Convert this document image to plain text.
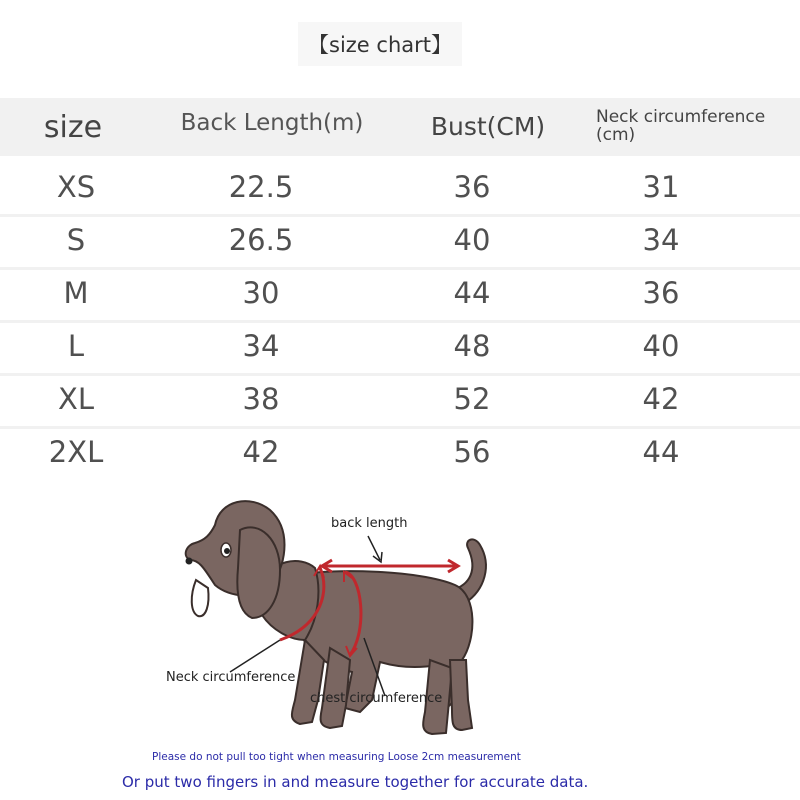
【size chart】
size	Back Length(m)	Bust(CM)	Neck circumference (cm)
XS	22.5	36	31
S	26.5	40	34
M	30	44	36
L	34	48	40
XL	38	52	42
2XL	42	56	44
back length
Neck circumference
chest circumference
Please do not pull too tight when measuring Loose 2cm measurement
Or put two fingers in and measure together for accurate data.
